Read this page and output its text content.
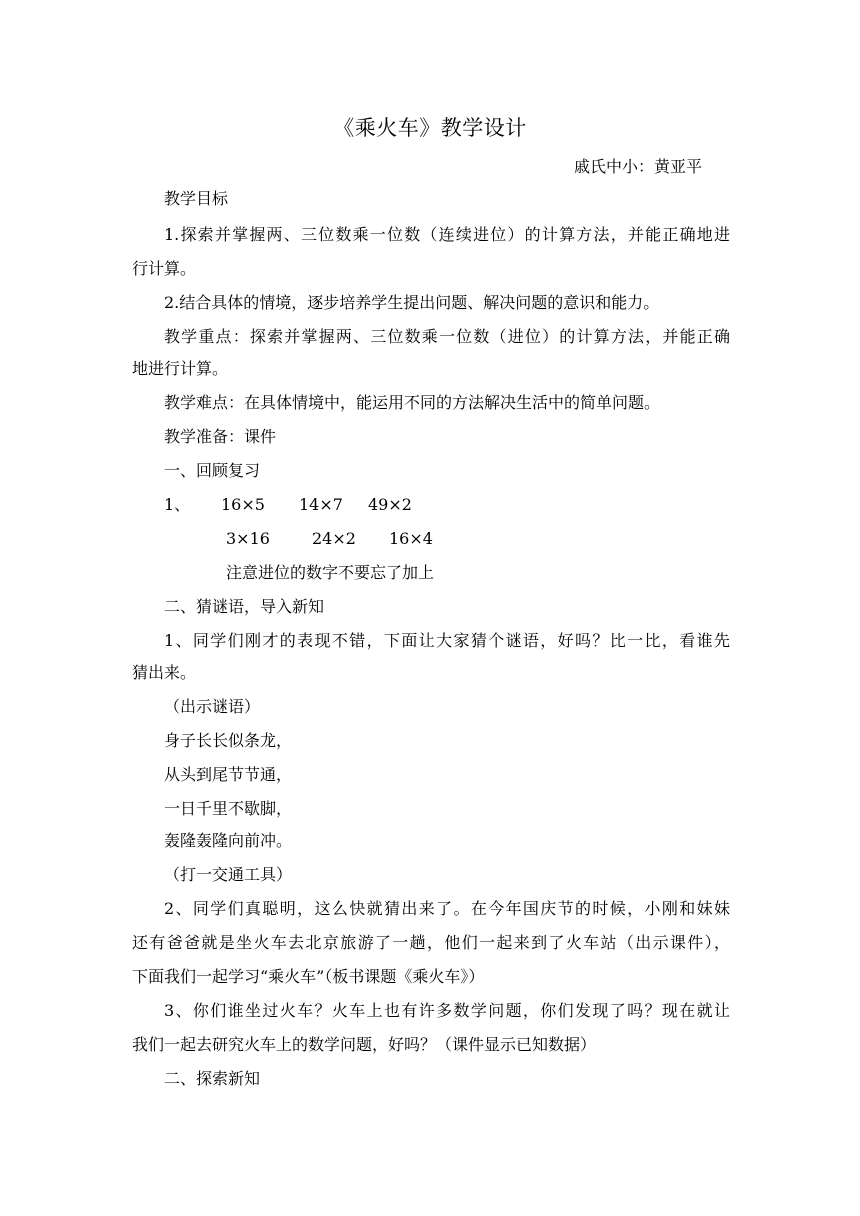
《乘火车》教学设计
戚氏中小：黄亚平
教学目标
1.探索并掌握两、三位数乘一位数（连续进位）的计算方法，并能正确地进
行计算。
2.结合具体的情境，逐步培养学生提出问题、解决问题的意识和能力。
教学重点：探索并掌握两、三位数乘一位数（进位）的计算方法，并能正确
地进行计算。
教学难点：在具体情境中，能运用不同的方法解决生活中的简单问题。
教学准备：课件
一、回顾复习
1、 16×5 14×7 49×2
3×16	24×2 16×4
注意进位的数字不要忘了加上
二、猜谜语，导入新知
1、同学们刚才的表现不错，下面让大家猜个谜语，好吗？比一比，看谁先
猜出来。
（出示谜语）
身子长长似条龙，
从头到尾节节通，
一日千里不歇脚，
轰隆轰隆向前冲。
（打一交通工具）
2、同学们真聪明，这么快就猜出来了。在今年国庆节的时候，小刚和妹妹
还有爸爸就是坐火车去北京旅游了一趟，他们一起来到了火车站（出示课件），
下面我们一起学习“乘火车”（板书课题《乘火车》）
3、你们谁坐过火车？火车上也有许多数学问题，你们发现了吗？现在就让
我们一起去研究火车上的数学问题，好吗？（课件显示已知数据）
二、探索新知
